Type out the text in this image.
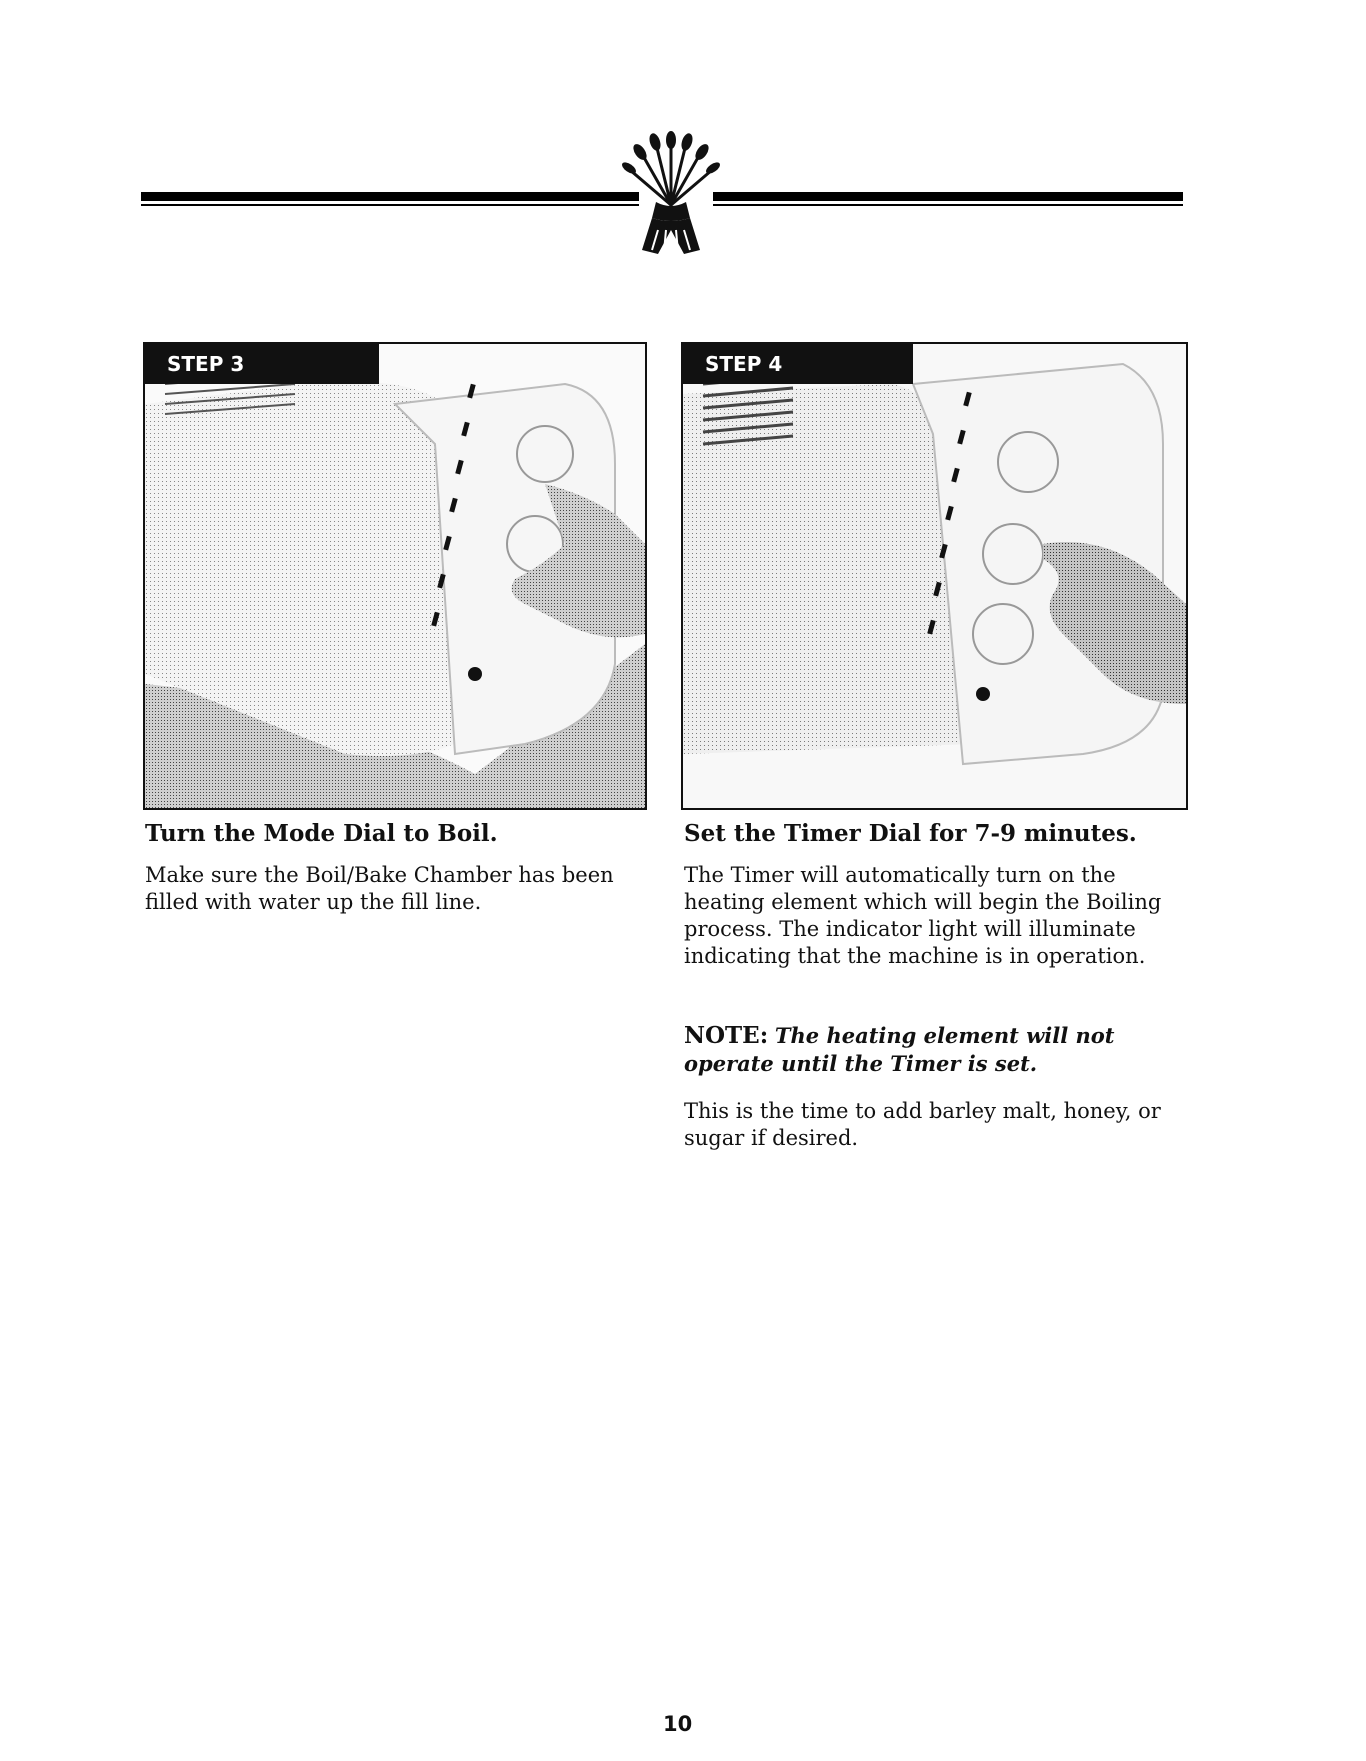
STEP 3	STEP 4
Turn the Mode Dial to Boil.

Make sure the Boil/Bake Chamber has been filled with water up the fill line.

Set the Timer Dial for 7-9 minutes.

The Timer will automatically turn on the heating element which will begin the Boiling process. The indicator light will illuminate indicating that the machine is in operation.

NOTE: The heating element will not operate until the Timer is set.

This is the time to add barley malt, honey, or sugar if desired.

10
